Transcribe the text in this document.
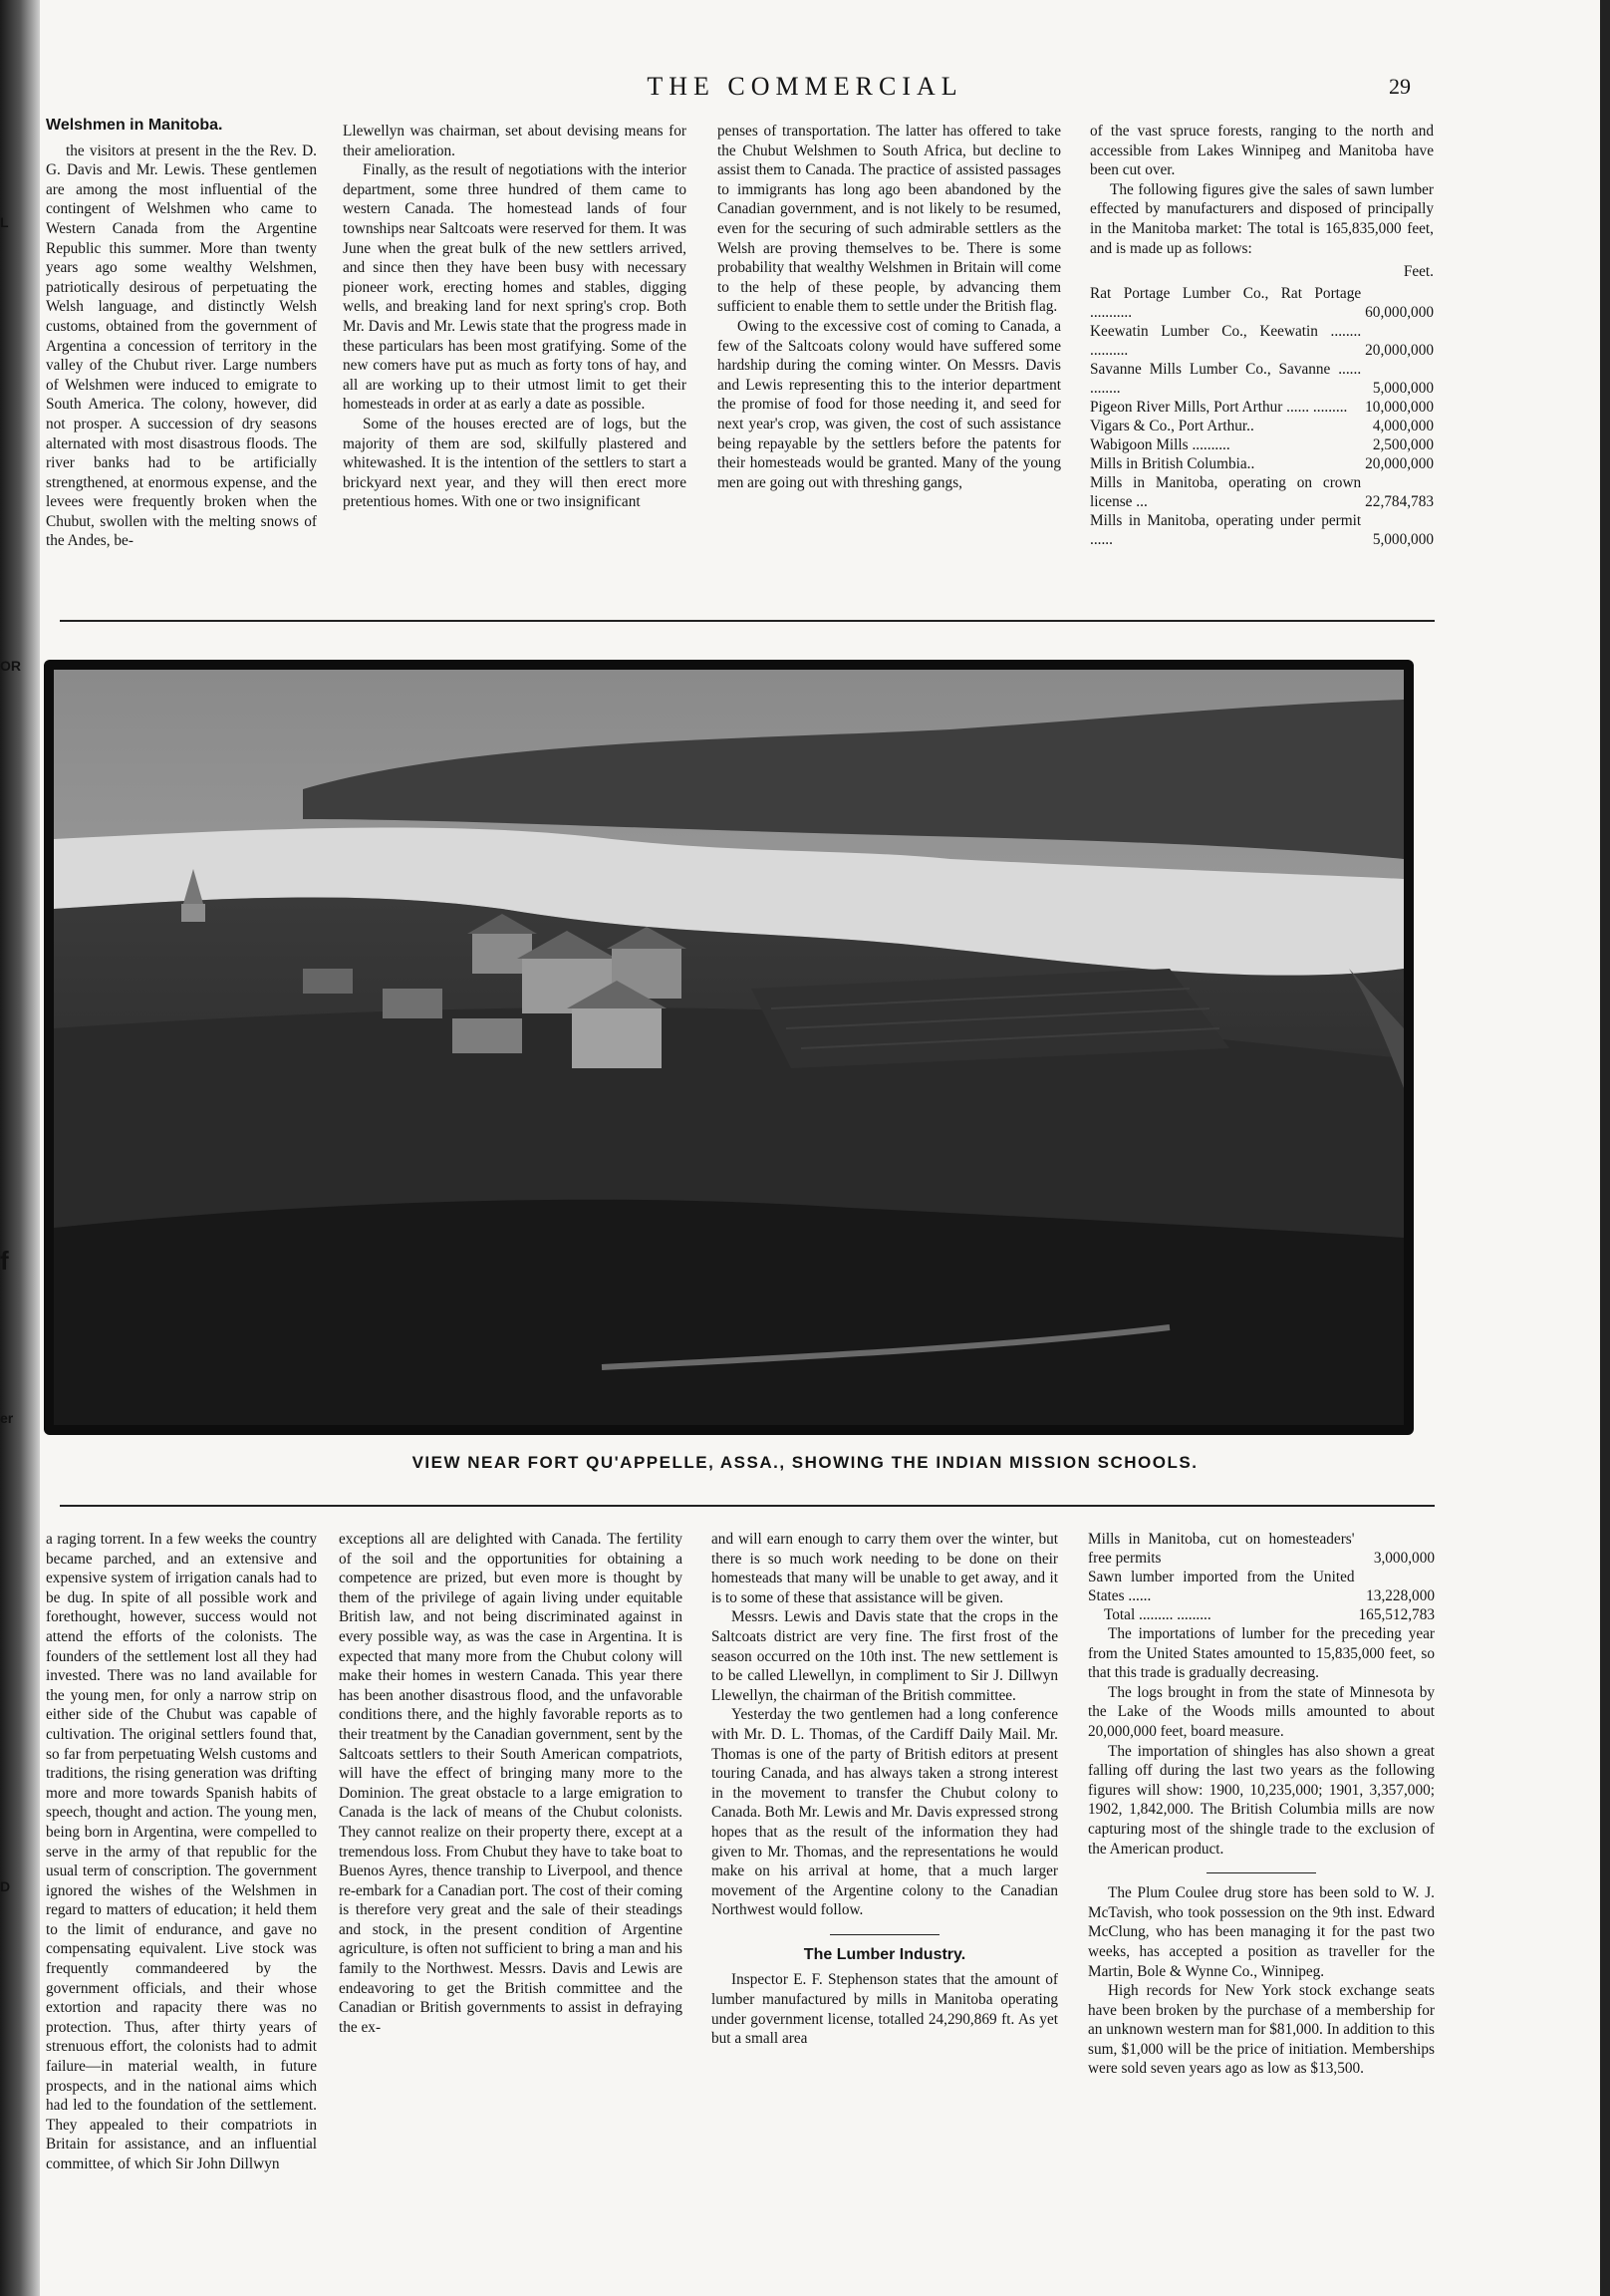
L
OR
f
D
er
THE COMMERCIAL	29
Welshmen in Manitoba.

the visitors at present in the the Rev. D. G. Davis and Mr. Lewis. These gentlemen are among the most influential of the contingent of Welshmen who came to Western Canada from the Argentine Republic this summer. More than twenty years ago some wealthy Welshmen, patriotically desirous of perpetuating the Welsh language, and distinctly Welsh customs, obtained from the government of Argentina a concession of territory in the valley of the Chubut river. Large numbers of Welshmen were induced to emigrate to South America. The colony, however, did not prosper. A succession of dry seasons alternated with most disastrous floods. The river banks had to be artificially strengthened, at enormous expense, and the levees were frequently broken when the Chubut, swollen with the melting snows of the Andes, be-

Llewellyn was chairman, set about devising means for their amelioration.

Finally, as the result of negotiations with the interior department, some three hundred of them came to western Canada. The homestead lands of four townships near Saltcoats were reserved for them. It was June when the great bulk of the new settlers arrived, and since then they have been busy with necessary pioneer work, erecting homes and stables, digging wells, and breaking land for next spring's crop. Both Mr. Davis and Mr. Lewis state that the progress made in these particulars has been most gratifying. Some of the new comers have put as much as forty tons of hay, and all are working up to their utmost limit to get their homesteads in order at as early a date as possible.

Some of the houses erected are of logs, but the majority of them are sod, skilfully plastered and whitewashed. It is the intention of the settlers to start a brickyard next year, and they will then erect more pretentious homes. With one or two insignificant

penses of transportation. The latter has offered to take the Chubut Welshmen to South Africa, but decline to assist them to Canada. The practice of assisted passages to immigrants has long ago been abandoned by the Canadian government, and is not likely to be resumed, even for the securing of such admirable settlers as the Welsh are proving themselves to be. There is some probability that wealthy Welshmen in Britain will come to the help of these people, by advancing them sufficient to enable them to settle under the British flag.

Owing to the excessive cost of coming to Canada, a few of the Saltcoats colony would have suffered some hardship during the coming winter. On Messrs. Davis and Lewis representing this to the interior department the promise of food for those needing it, and seed for next year's crop, was given, the cost of such assistance being repayable by the settlers before the patents for their homesteads would be granted. Many of the young men are going out with threshing gangs,

of the vast spruce forests, ranging to the north and accessible from Lakes Winnipeg and Manitoba have been cut over.

The following figures give the sales of sawn lumber effected by manufacturers and disposed of principally in the Manitoba market: The total is 165,835,000 feet, and is made up as follows:

Feet.
Rat Portage Lumber Co., Rat Portage ...........	60,000,000
Keewatin Lumber Co., Keewatin ........ ..........	20,000,000
Savanne Mills Lumber Co., Savanne ...... ........	5,000,000
Pigeon River Mills, Port Arthur ...... .........	10,000,000
Vigars & Co., Port Arthur..	4,000,000
Wabigoon Mills ..........	2,500,000
Mills in British Columbia..	20,000,000
Mills in Manitoba, operating on crown license ...	22,784,783
Mills in Manitoba, operating under permit ......	5,000,000
VIEW NEAR FORT QU'APPELLE, ASSA., SHOWING THE INDIAN MISSION SCHOOLS.

a raging torrent. In a few weeks the country became parched, and an extensive and expensive system of irrigation canals had to be dug. In spite of all possible work and forethought, however, success would not attend the efforts of the colonists. The founders of the settlement lost all they had invested. There was no land available for the young men, for only a narrow strip on either side of the Chubut was capable of cultivation. The original settlers found that, so far from perpetuating Welsh customs and traditions, the rising generation was drifting more and more towards Spanish habits of speech, thought and action. The young men, being born in Argentina, were compelled to serve in the army of that republic for the usual term of conscription. The government ignored the wishes of the Welshmen in regard to matters of education; it held them to the limit of endurance, and gave no compensating equivalent. Live stock was frequently commandeered by the government officials, and their whose extortion and rapacity there was no protection. Thus, after thirty years of strenuous effort, the colonists had to admit failure—in material wealth, in future prospects, and in the national aims which had led to the foundation of the settlement. They appealed to their compatriots in Britain for assistance, and an influential committee, of which Sir John Dillwyn

exceptions all are delighted with Canada. The fertility of the soil and the opportunities for obtaining a competence are prized, but even more is thought by them of the privilege of again living under equitable British law, and not being discriminated against in every possible way, as was the case in Argentina. It is expected that many more from the Chubut colony will make their homes in western Canada. This year there has been another disastrous flood, and the unfavorable conditions there, and the highly favorable reports as to their treatment by the Canadian government, sent by the Saltcoats settlers to their South American compatriots, will have the effect of bringing many more to the Dominion. The great obstacle to a large emigration to Canada is the lack of means of the Chubut colonists. They cannot realize on their property there, except at a tremendous loss. From Chubut they have to take boat to Buenos Ayres, thence tranship to Liverpool, and thence re-embark for a Canadian port. The cost of their coming is therefore very great and the sale of their steadings and stock, in the present condition of Argentine agriculture, is often not sufficient to bring a man and his family to the Northwest. Messrs. Davis and Lewis are endeavoring to get the British committee and the Canadian or British governments to assist in defraying the ex-

and will earn enough to carry them over the winter, but there is so much work needing to be done on their homesteads that many will be unable to get away, and it is to some of these that assistance will be given.

Messrs. Lewis and Davis state that the crops in the Saltcoats district are very fine. The first frost of the season occurred on the 10th inst. The new settlement is to be called Llewellyn, in compliment to Sir J. Dillwyn Llewellyn, the chairman of the British committee.

Yesterday the two gentlemen had a long conference with Mr. D. L. Thomas, of the Cardiff Daily Mail. Mr. Thomas is one of the party of British editors at present touring Canada, and has always taken a strong interest in the movement to transfer the Chubut colony to Canada. Both Mr. Lewis and Mr. Davis expressed strong hopes that as the result of the information they had given to Mr. Thomas, and the representations he would make on his arrival at home, that a much larger movement of the Argentine colony to the Canadian Northwest would follow.

The Lumber Industry.

Inspector E. F. Stephenson states that the amount of lumber manufactured by mills in Manitoba operating under government license, totalled 24,290,869 ft. As yet but a small area

Mills in Manitoba, cut on homesteaders' free permits	3,000,000
Sawn lumber imported from the United States ......	13,228,000
Total ......... .........	165,512,783

The importations of lumber for the preceding year from the United States amounted to 15,835,000 feet, so that this trade is gradually decreasing.

The logs brought in from the state of Minnesota by the Lake of the Woods mills amounted to about 20,000,000 feet, board measure.

The importation of shingles has also shown a great falling off during the last two years as the following figures will show: 1900, 10,235,000; 1901, 3,357,000; 1902, 1,842,000. The British Columbia mills are now capturing most of the shingle trade to the exclusion of the American product.

The Plum Coulee drug store has been sold to W. J. McTavish, who took possession on the 9th inst. Edward McClung, who has been managing it for the past two weeks, has accepted a position as traveller for the Martin, Bole & Wynne Co., Winnipeg.

High records for New York stock exchange seats have been broken by the purchase of a membership for an unknown western man for $81,000. In addition to this sum, $1,000 will be the price of initiation. Memberships were sold seven years ago as low as $13,500.
